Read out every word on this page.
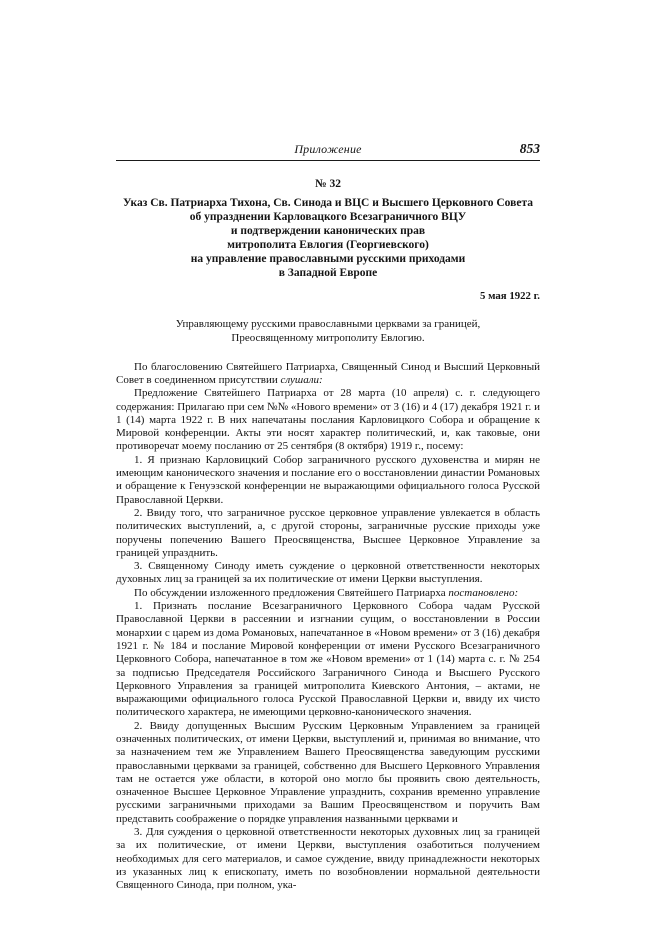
Приложение	853
№ 32
Указ Св. Патриарха Тихона, Св. Синода и ВЦС и Высшего Церковного Совета
об упразднении Карловацкого Всезаграничного ВЦУ
и подтверждении канонических прав
митрополита Евлогия (Георгиевского)
на управление православными русскими приходами
в Западной Европе
5 мая 1922 г.
Управляющему русскими православными церквами за границей,
Преосвященному митрополиту Евлогию.

По благословению Святейшего Патриарха, Священный Синод и Высший Церковный Совет в соединенном присутствии слушали:

Предложение Святейшего Патриарха от 28 марта (10 апреля) с. г. следующего содержания: Прилагаю при сем №№ «Нового времени» от 3 (16) и 4 (17) декабря 1921 г. и 1 (14) марта 1922 г. В них напечатаны послания Карловицкого Собора и обращение к Мировой конференции. Акты эти носят характер политический, и, как таковые, они противоречат моему посланию от 25 сентября (8 октября) 1919 г., посему:

1. Я признаю Карловицкий Собор заграничного русского духовенства и мирян не имеющим канонического значения и послание его о восстановлении династии Романовых и обращение к Генуэзской конференции не выражающими официального голоса Русской Православной Церкви.

2. Ввиду того, что заграничное русское церковное управление увлекается в область политических выступлений, а, с другой стороны, заграничные русские приходы уже поручены попечению Вашего Преосвященства, Высшее Церковное Управление за границей упразднить.

3. Священному Синоду иметь суждение о церковной ответственности некоторых духовных лиц за границей за их политические от имени Церкви выступления.

По обсуждении изложенного предложения Святейшего Патриарха постановлено:

1. Признать послание Всезаграничного Церковного Собора чадам Русской Православной Церкви в рассеянии и изгнании сущим, о восстановлении в России монархии с царем из дома Романовых, напечатанное в «Новом времени» от 3 (16) декабря 1921 г. № 184 и послание Мировой конференции от имени Русского Всезаграничного Церковного Собора, напечатанное в том же «Новом времени» от 1 (14) марта с. г. № 254 за подписью Председателя Российского Заграничного Синода и Высшего Русского Церковного Управления за границей митрополита Киевского Антония, – актами, не выражающими официального голоса Русской Православной Церкви и, ввиду их чисто политического характера, не имеющими церковно-канонического значения.

2. Ввиду допущенных Высшим Русским Церковным Управлением за границей означенных политических, от имени Церкви, выступлений и, принимая во внимание, что за назначением тем же Управлением Вашего Преосвященства заведующим русскими православными церквами за границей, собственно для Высшего Церковного Управления там не остается уже области, в которой оно могло бы проявить свою деятельность, означенное Высшее Церковное Управление упразднить, сохранив временно управление русскими заграничными приходами за Вашим Преосвященством и поручить Вам представить соображение о порядке управления названными церквами и

3. Для суждения о церковной ответственности некоторых духовных лиц за границей за их политические, от имени Церкви, выступления озаботиться получением необходимых для сего материалов, и самое суждение, ввиду принадлежности некоторых из указанных лиц к епископату, иметь по возобновлении нормальной деятельности Священного Синода, при полном, ука-
